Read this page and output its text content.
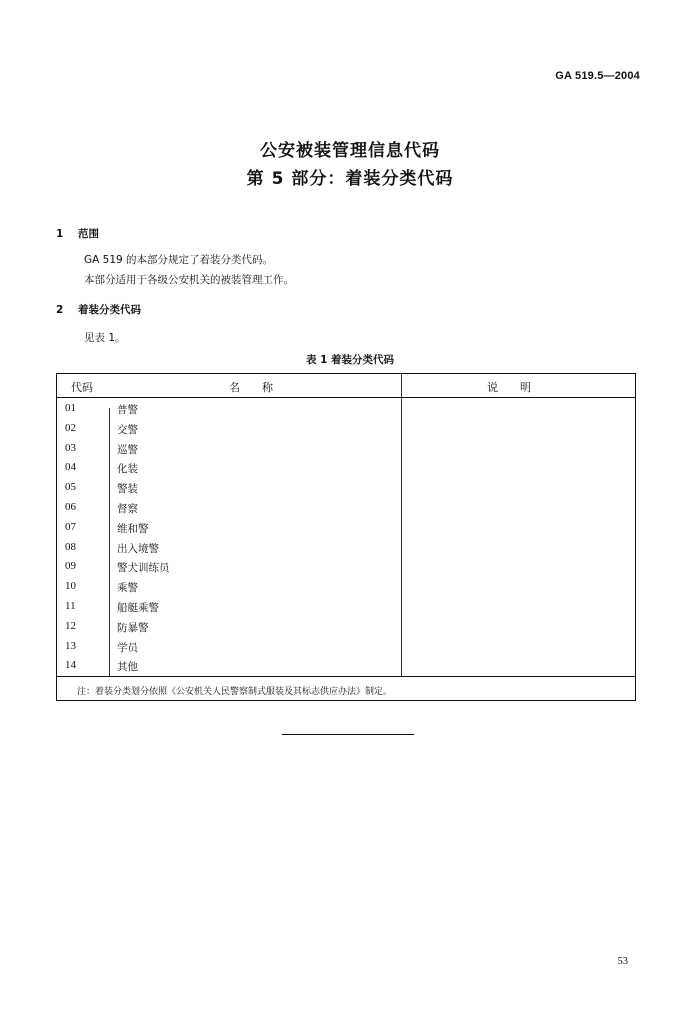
GA 519.5—2004
公安被装管理信息代码
第 5 部分：着装分类代码
1 范围
GA 519 的本部分规定了着装分类代码。
本部分适用于各级公安机关的被装管理工作。
2 着装分类代码
见表 1。
表 1 着装分类代码
代码	名　　称	说　　明
01	普警
02	交警
03	巡警
04	化装
05	警装
06	督察
07	维和警
08	出入境警
09	警犬训练员
10	乘警
11	船艇乘警
12	防暴警
13	学员
14	其他
注：着装分类划分依照《公安机关人民警察制式服装及其标志供应办法》制定。
53
